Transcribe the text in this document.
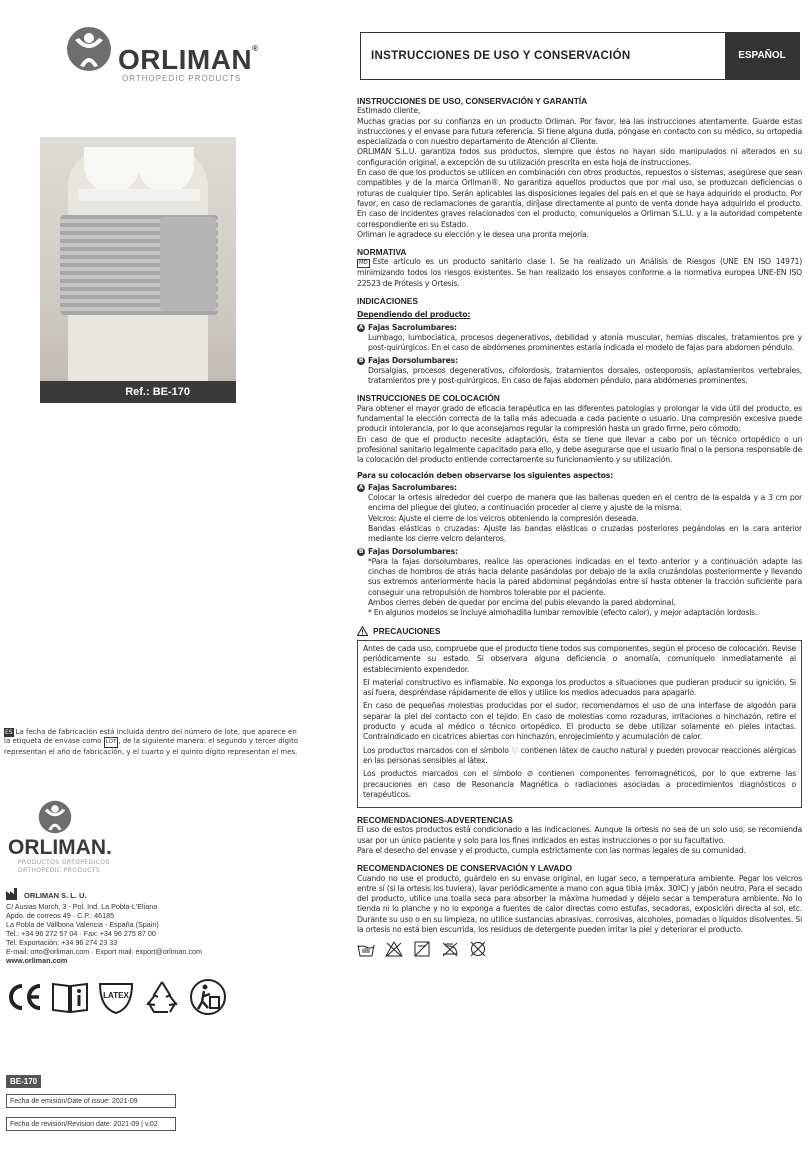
ORLIMAN®
ORTHOPEDIC PRODUCTS
Ref.: BE-170
ES La fecha de fabricación está incluida dentro del número de lote, que aparece en la etiqueta de envase como LOT , de la siguiente manera: el segundo y tercer dígito representan el año de fabricación, y el cuarto y el quinto dígito representan el mes.
ORLIMAN.
PRODUCTOS ORTOPÉDICOS
ORTHOPEDIC PRODUCTS
ORLIMAN S. L. U.
C/ Ausias March, 3 - Pol. Ind. La Pobla-L'Eliana
Apdo. de correos 49 · C.P.: 46185
La Pobla de Vallbona Valencia - España (Spain)
Tel.: +34 96 272 57 04 · Fax: +34 96 275 87 00
Tel. Exportación: +34 96 274 23 33
E-mail: orto@orliman.com · Export mail: export@orliman.com
www.orliman.com
LATEX
BE-170
Fecha de emisión/Date of issue: 2021-09
Fecha de revisión/Revision date: 2021-09 | v.02
INSTRUCCIONES DE USO Y CONSERVACIÓN	ESPAÑOL
INSTRUCCIONES DE USO, CONSERVACIÓN Y GARANTÍA

Estimado cliente,

Muchas gracias por su confianza en un producto Orliman. Por favor, lea las instrucciones atentamente. Guarde estas instrucciones y el envase para futura referencia. Si tiene alguna duda, póngase en contacto con su médico, su ortopedia especializada o con nuestro departamento de Atención al Cliente.

ORLIMAN S.L.U. garantiza todos sus productos, siempre que éstos no hayan sido manipulados ni alterados en su configuración original, a excepción de su utilización prescrita en esta hoja de instrucciones.

En caso de que los productos se utilicen en combinación con otros productos, repuestos o sistemas, asegúrese que sean compatibles y de la marca Orliman®. No garantiza aquellos productos que por mal uso, se produzcan deficiencias o roturas de cualquier tipo. Serán aplicables las disposiciones legales del país en el que se haya adquirido el producto. Por favor, en caso de reclamaciones de garantía, diríjase directamente al punto de venta donde haya adquirido el producto. En caso de incidentes graves relacionados con el producto, comuníquelos a Orliman S.L.U. y a la autoridad competente correspondiente en su Estado.

Orliman le agradece su elección y le desea una pronta mejoría.

NORMATIVA

MD Este artículo es un producto sanitario clase I. Se ha realizado un Análisis de Riesgos (UNE EN ISO 14971) minimizando todos los riesgos existentes. Se han realizado los ensayos conforme a la normativa europea UNE-EN ISO 22523 de Prótesis y Ortesis.

INDICACIONES
Dependiendo del producto:
A Fajas Sacrolumbares:

Lumbago, lumbociatica, procesos degenerativos, debilidad y atonía muscular, hernias discales, tratamientos pre y post-quirúrgicos. En el caso de abdómenes prominentes estaría indicada el modelo de fajas para abdomen péndulo.

B Fajas Dorsolumbares:

Dorsalgias, procesos degenerativos, cifolordosis, tratamientos dorsales, osteoporosis, aplastamientos vertebrales, tratamientos pre y post-quirúrgicos. En caso de fajas abdomen péndulo, para abdómenes prominentes.

INSTRUCCIONES DE COLOCACIÓN

Para obtener el mayor grado de eficacia terapéutica en las diferentes patologías y prolongar la vida útil del producto, es fundamental la elección correcta de la talla más adecuada a cada paciente o usuario. Una compresión excesiva puede producir intolerancia, por lo que aconsejamos regular la compresión hasta un grado firme, pero cómodo.

En caso de que el producto necesite adaptación, ésta se tiene que llevar a cabo por un técnico ortopédico o un profesional sanitario legalmente capacitado para ello, y debe asegurarse que el usuario final o la persona responsable de la colocación del producto entiende correctamente su funcionamiento y su utilización.

Para su colocación deben observarse los siguientes aspectos:
A Fajas Sacrolumbares:

Colocar la ortesis alrededor del cuerpo de manera que las ballenas queden en el centro de la espalda y a 3 cm por encima del pliegue del gluteo, a continuación proceder al cierre y ajuste de la misma.

Velcros: Ajuste el cierre de los velcros obteniendo la compresión deseada.

Bandas elásticas o cruzadas: Ajuste las bandas elásticas o cruzadas posteriores pegándolas en la cara anterior mediante los cierre velcro delanteros.

B Fajas Dorsolumbares:

*Para la fajas dorsolumbares, realice las operaciones indicadas en el texto anterior y a continuación adapte las cinchas de hombros de atrás hacia delante pasándolas por debajo de la axila cruzándolas posteriormente y llevando sus extremos anteriormente hacia la pared abdominal pegándolas entre sí hasta obtener la tracción suficiente para conseguir una retropulsión de hombros tolerable por el paciente.

Ambos cierres deben de quedar por encima del pubis elevando la pared abdominal.

* En algunos modelos se incluye almohadilla lumbar removible (efecto calor), y mejor adaptación lordosis.

PRECAUCIONES

Antes de cada uso, compruebe que el producto tiene todos sus componentes, según el proceso de colocación. Revise periódicamente su estado. Si observara alguna deficiencia o anomalía, comuníquelo inmediatamente al establecimiento expendedor.

El material constructivo es inflamable. No exponga los productos a situaciones que pudieran producir su ignición. Si así fuera, despréndase rápidamente de ellos y utilice los medios adecuados para apagarlo.

En caso de pequeñas molestias producidas por el sudor, recomendamos el uso de una interfase de algodón para separar la piel del contacto con el tejido. En caso de molestias como rozaduras, irritaciones o hinchazón, retire el producto y acuda al médico o técnico ortopédico. El producto se debe utilizar solamente en pieles intactas. Contraindicado en cicatrices abiertas con hinchazón, enrojecimiento y acumulación de calor.

Los productos marcados con el símbolo ♡ contienen látex de caucho natural y pueden provocar reacciones alérgicas en las personas sensibles al látex.

Los productos marcados con el símbolo ⊘ contienen componentes ferromagnéticos, por lo que extreme las precauciones en caso de Resonancia Magnética o radiaciones asociadas a procedimientos diagnósticos o terapéuticos.

RECOMENDACIONES-ADVERTENCIAS

El uso de estos productos está condicionado a las indicaciones. Aunque la ortesis no sea de un solo uso, se recomienda usar por un único paciente y solo para los fines indicados en estas instrucciones o por su facultativo.

Para el desecho del envase y el producto, cumpla estrictamente con las normas legales de su comunidad.

RECOMENDACIONES DE CONSERVACIÓN Y LAVADO

Cuando no use el producto, guárdelo en su envase original, en lugar seco, a temperatura ambiente. Pegar los velcros entre sí (si la ortesis los tuviera), lavar periódicamente a mano con agua tibia (máx. 30ºC) y jabón neutro. Para el secado del producto, utilice una toalla seca para absorber la máxima humedad y déjelo secar a temperatura ambiente. No lo tienda ni lo planche y no lo exponga a fuentes de calor directas como estufas, secadoras, exposición directa al sol, etc. Durante su uso o en su limpieza, no utilice sustancias abrasivas, corrosivas, alcoholes, pomadas o líquidos disolventes. Si la ortesis no está bien escurrida, los residuos de detergente pueden irritar la piel y deteriorar el producto.
